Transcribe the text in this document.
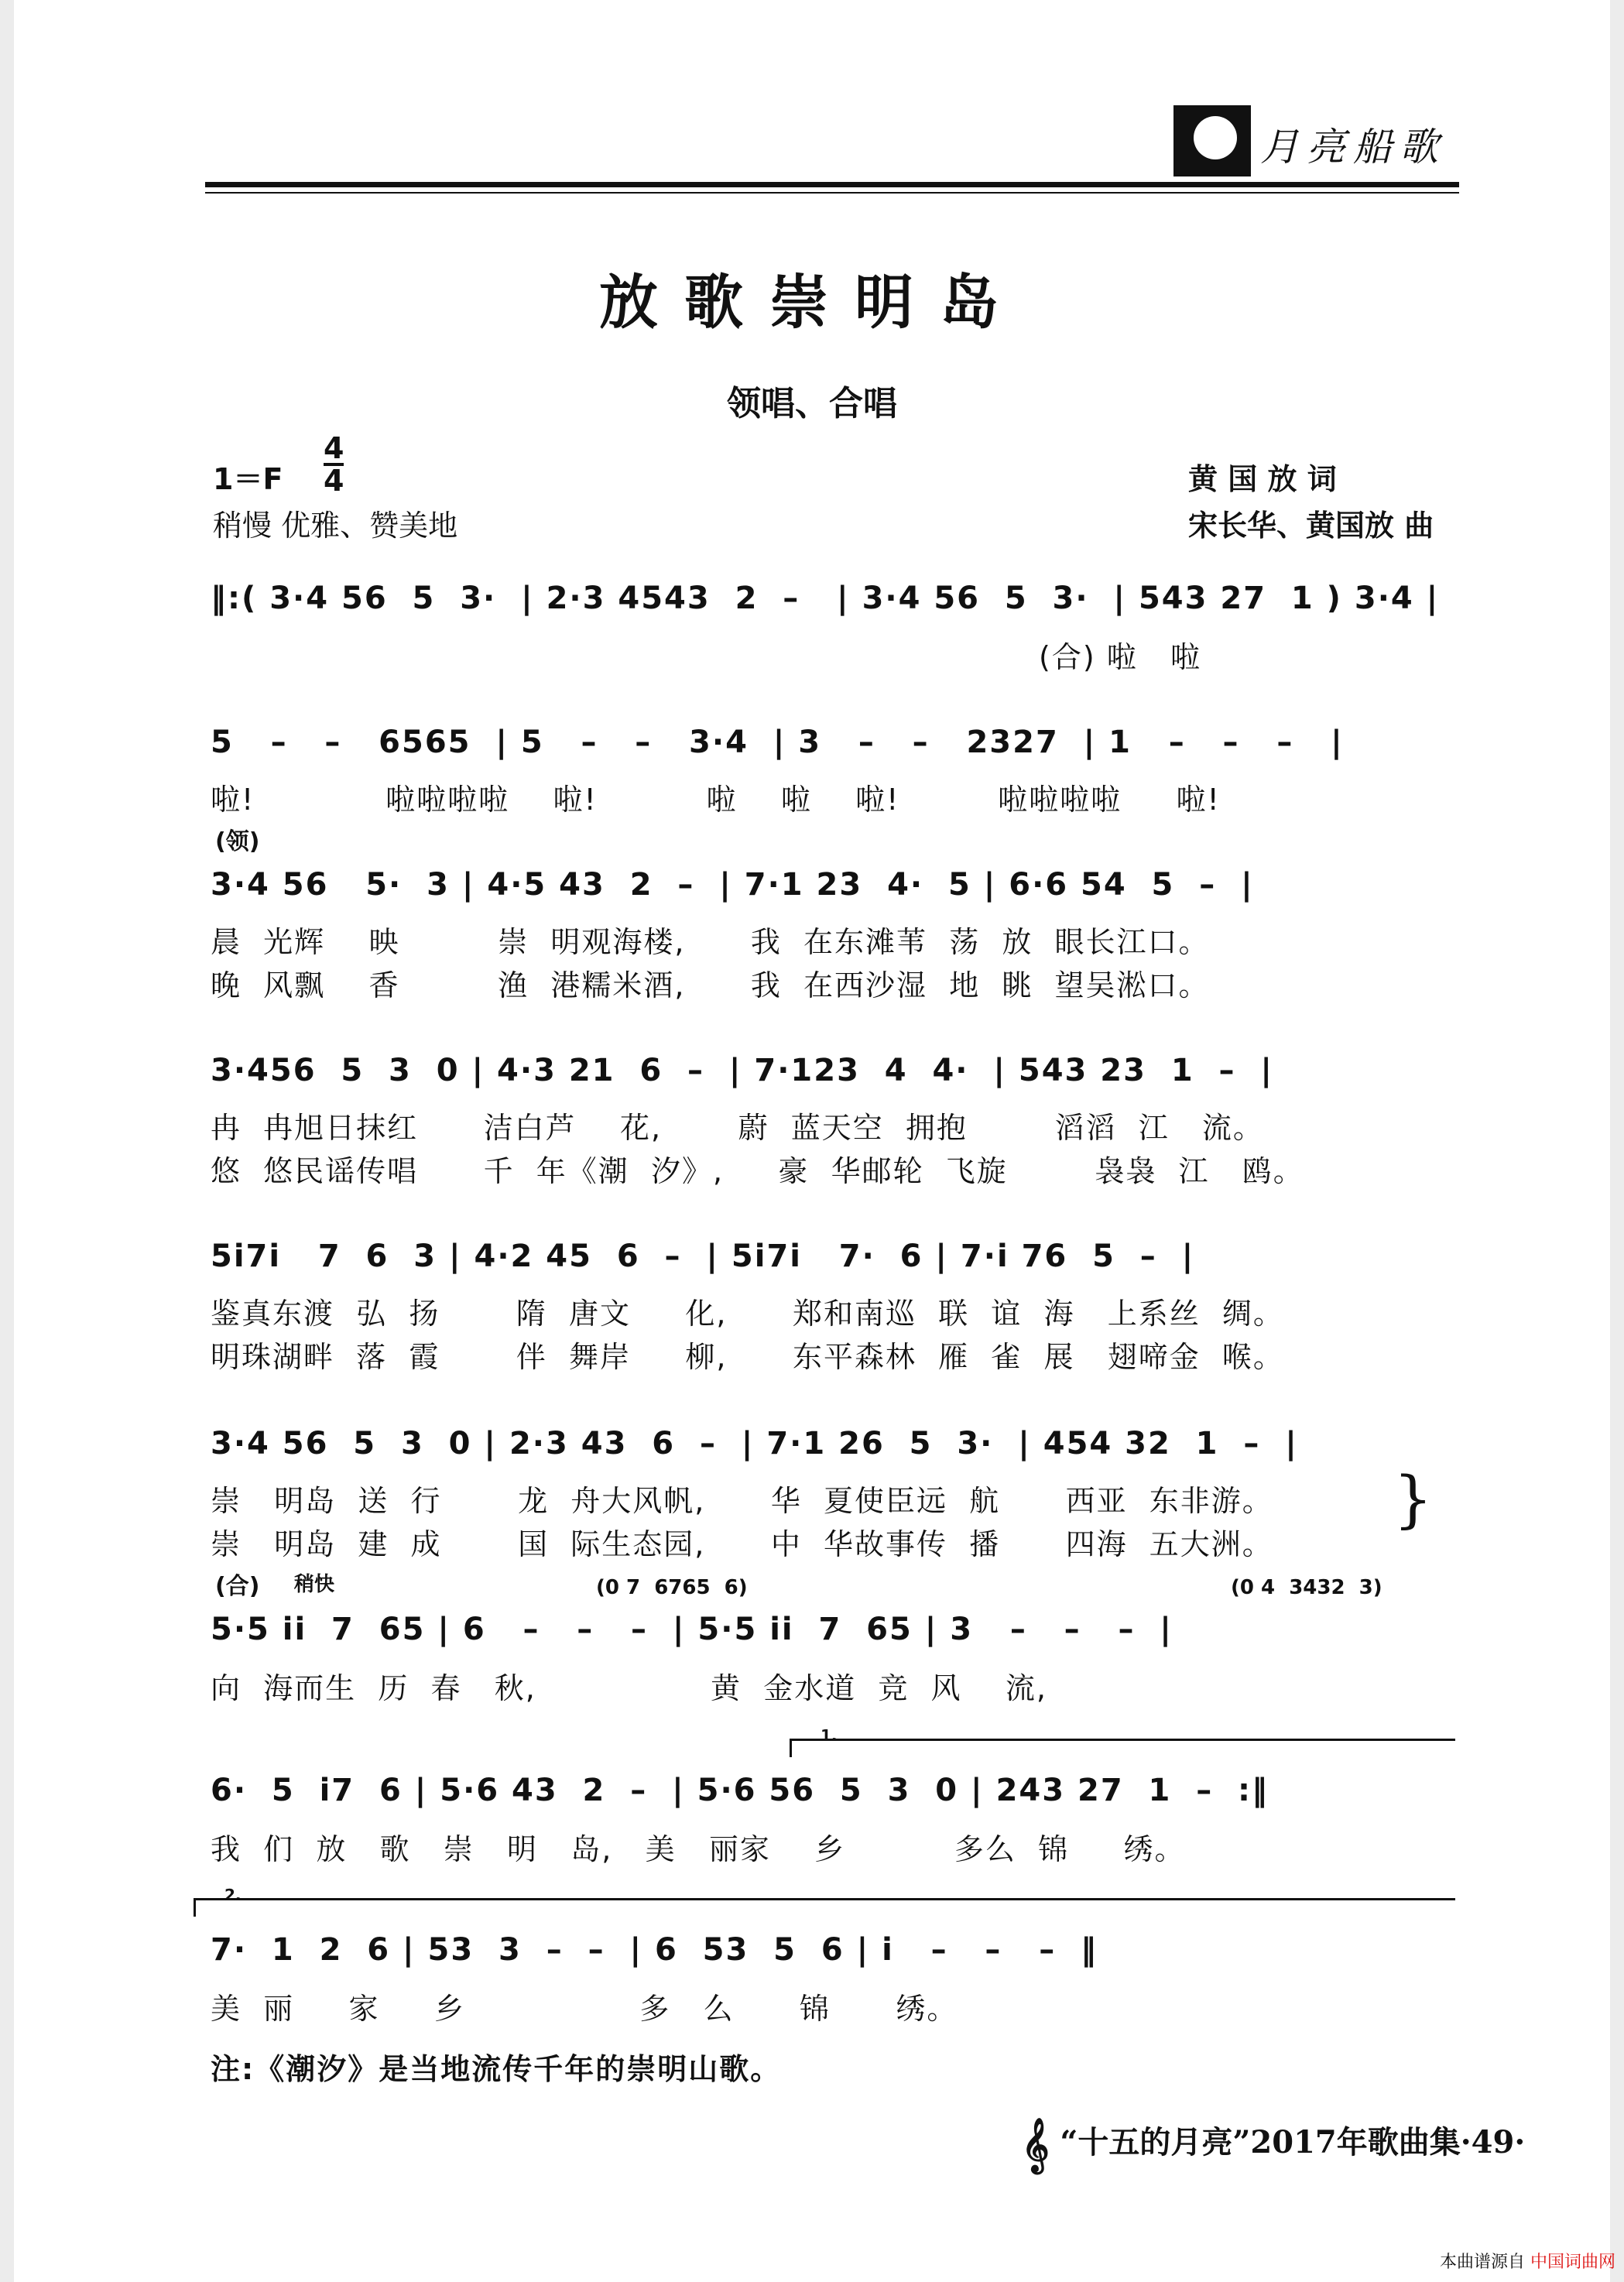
月亮船歌
放歌崇明岛
领唱、合唱
1＝F
4
4
稍慢 优雅、赞美地
黄 国 放 词
宋长华、黄国放 曲
‖:( 3·4 56  5  3·  | 2·3 4543  2  –   | 3·4 56  5  3·  | 543 27  1 ) 3·4 |
(合) 啦   啦
5   –   –   6565  | 5   –   –   3·4  | 3   –   –   2327  | 1   –   –   –   |
啦!            啦啦啦啦    啦!          啦    啦    啦!         啦啦啦啦     啦!
(领)
3·4 56   5·  3 | 4·5 43  2  –  | 7·1 23  4·  5 | 6·6 54  5  –  |
晨  光辉    映         崇  明观海楼,      我  在东滩苇  荡  放  眼长江口。
晚  风飘    香         渔  港糯米酒,      我  在西沙湿  地  眺  望吴淞口。
3·456  5  3  0 | 4·3 21  6  –  | 7·123  4  4·  | 543 23  1  –  |
冉  冉旭日抹红      洁白芦    花,       蔚  蓝天空  拥抱        滔滔  江   流。
悠  悠民谣传唱      千  年《潮  汐》,     豪  华邮轮  飞旋        袅袅  江   鸥。
5i7i   7  6  3 | 4·2 45  6  –  | 5i7i   7·  6 | 7·i 76  5  –  |
鉴真东渡  弘  扬       隋  唐文     化,      郑和南巡  联  谊  海   上系丝  绸。
明珠湖畔  落  霞       伴  舞岸     柳,      东平森林  雁  雀  展   翅啼金  喉。
3·4 56  5  3  0 | 2·3 43  6  –  | 7·1 26  5  3·  | 454 32  1  –  |
崇   明岛  送  行       龙  舟大风帆,      华  夏使臣远  航      西亚  东非游。
崇   明岛  建  成       国  际生态园,      中  华故事传  播      四海  五大洲。
}
(合) 稍快	(0 7  6765  6)	(0 4  3432  3)
5·5 ii  7  65 | 6   –   –   –  | 5·5 ii  7  65 | 3   –   –   –  |
向  海而生  历  春   秋,                黄  金水道  竞  风    流,
1.
6·  5  i7  6 | 5·6 43  2  –  | 5·6 56  5  3  0 | 243 27  1  –  :‖
我  们  放   歌   崇   明   岛,   美   丽家    乡          多么  锦     绣。
2.
7·  1  2  6 | 53  3  –  –  | 6  53  5  6 | i   –   –   –  ‖
美  丽     家     乡                多   么      锦      绣。
注:《潮汐》是当地流传千年的崇明山歌。
𝄞 “十五的月亮”2017年歌曲集·49·
本曲谱源自 中国词曲网
